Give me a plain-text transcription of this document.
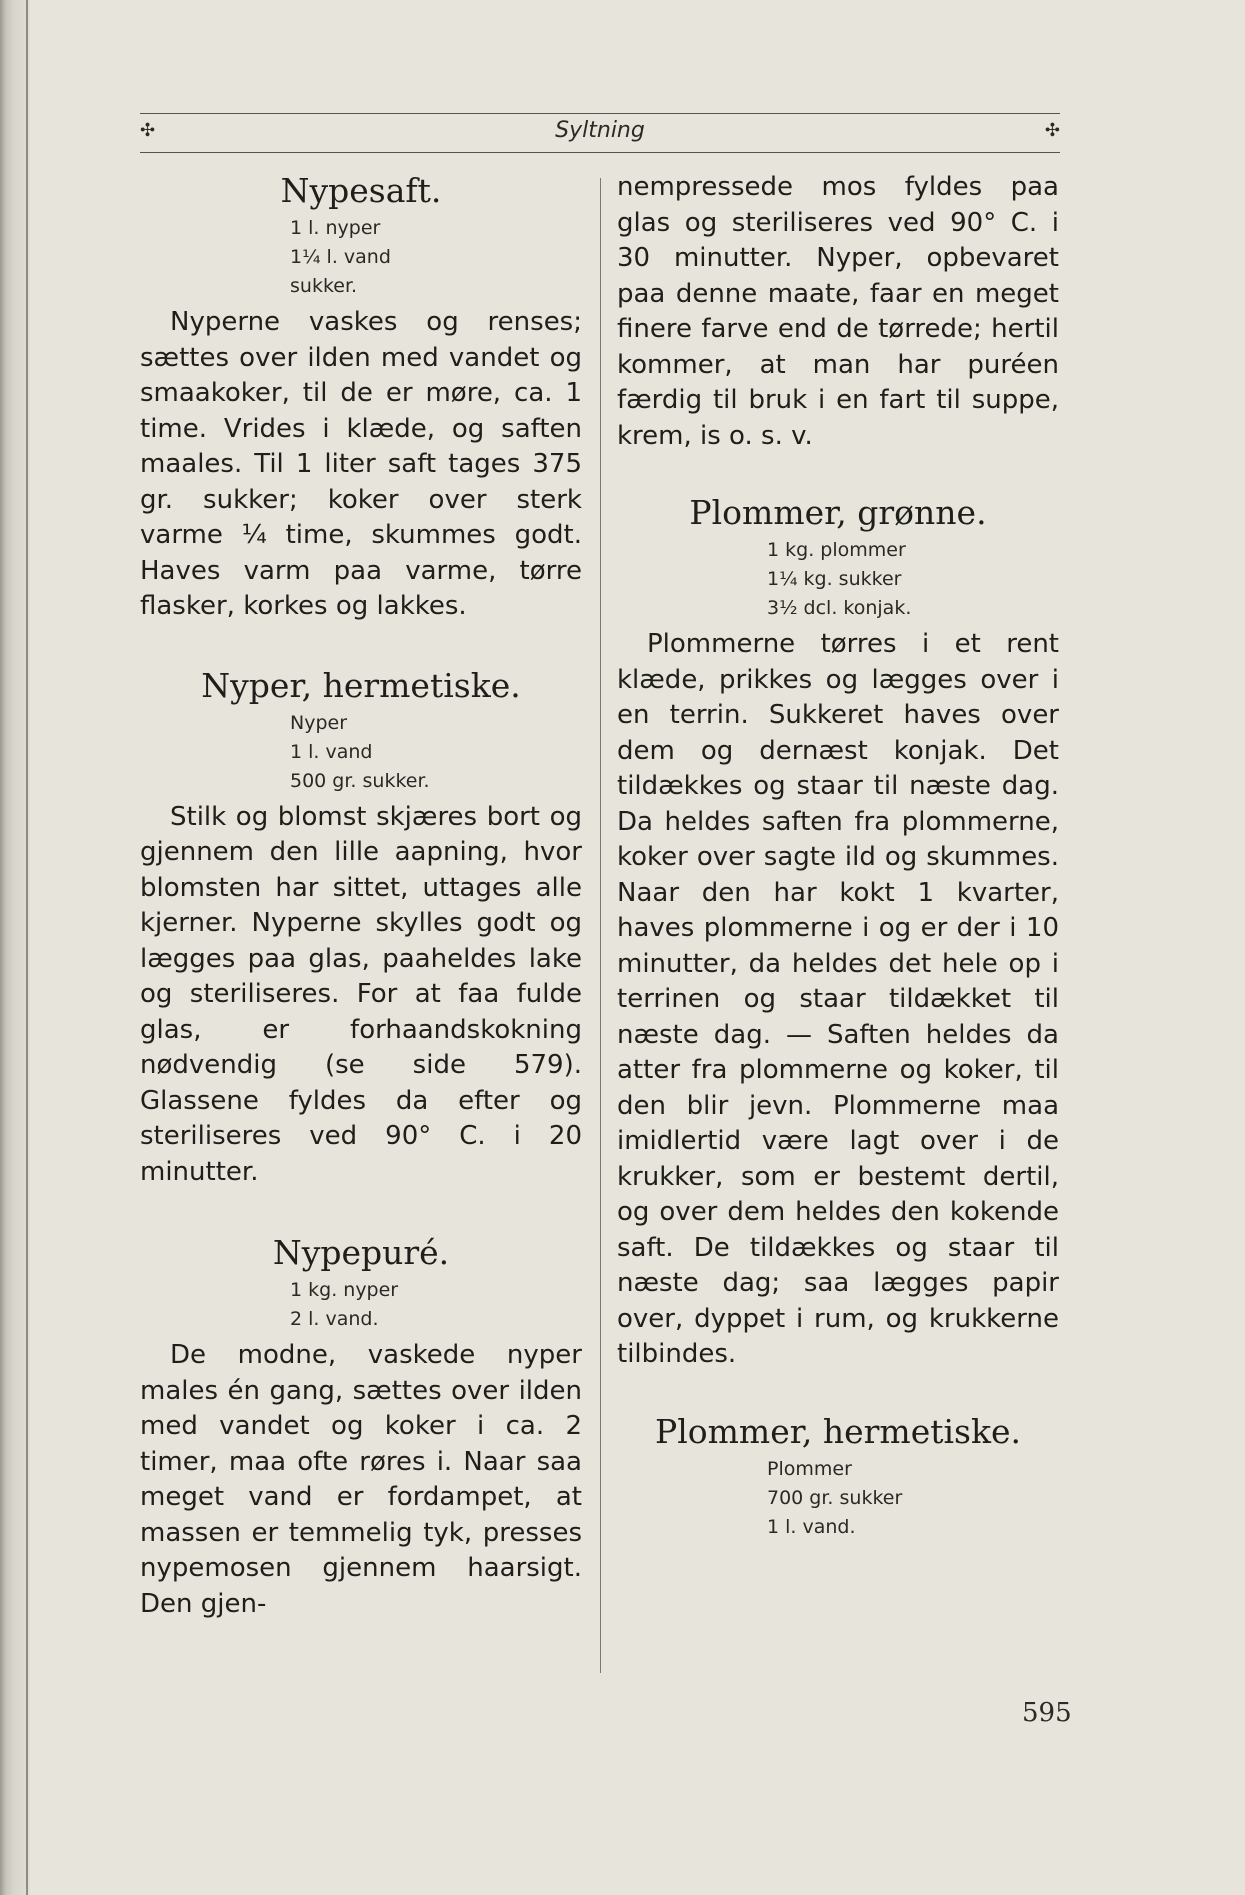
✣	Syltning	✣
Nypesaft.
1 l. nyper
1¼ l. vand
sukker.

Nyperne vaskes og renses; sættes over ilden med vandet og smaakoker, til de er møre, ca. 1 time. Vrides i klæde, og saften maales. Til 1 liter saft tages 375 gr. sukker; koker over sterk varme ¼ time, skummes godt. Haves varm paa varme, tørre flasker, korkes og lakkes.

Nyper, hermetiske.
Nyper
1 l. vand
500 gr. sukker.

Stilk og blomst skjæres bort og gjennem den lille aapning, hvor blomsten har sittet, uttages alle kjerner. Nyperne skylles godt og lægges paa glas, paaheldes lake og steriliseres. For at faa fulde glas, er forhaandskokning nødvendig (se side 579). Glassene fyldes da efter og steriliseres ved 90° C. i 20 minutter.

Nypepuré.
1 kg. nyper
2 l. vand.

De modne, vaskede nyper males én gang, sættes over ilden med vandet og koker i ca. 2 timer, maa ofte røres i. Naar saa meget vand er fordampet, at massen er temmelig tyk, presses nypemosen gjennem haarsigt. Den gjen-

nempressede mos fyldes paa glas og steriliseres ved 90° C. i 30 minutter. Nyper, opbevaret paa denne maate, faar en meget finere farve end de tørrede; hertil kommer, at man har puréen færdig til bruk i en fart til suppe, krem, is o. s. v.

Plommer, grønne.
1 kg. plommer
1¼ kg. sukker
3½ dcl. konjak.

Plommerne tørres i et rent klæde, prikkes og lægges over i en terrin. Sukkeret haves over dem og dernæst konjak. Det tildækkes og staar til næste dag. Da heldes saften fra plommerne, koker over sagte ild og skummes. Naar den har kokt 1 kvarter, haves plommerne i og er der i 10 minutter, da heldes det hele op i terrinen og staar tildækket til næste dag. — Saften heldes da atter fra plommerne og koker, til den blir jevn. Plommerne maa imidlertid være lagt over i de krukker, som er bestemt dertil, og over dem heldes den kokende saft. De tildækkes og staar til næste dag; saa lægges papir over, dyppet i rum, og krukkerne tilbindes.

Plommer, hermetiske.
Plommer
700 gr. sukker
1 l. vand.
595
